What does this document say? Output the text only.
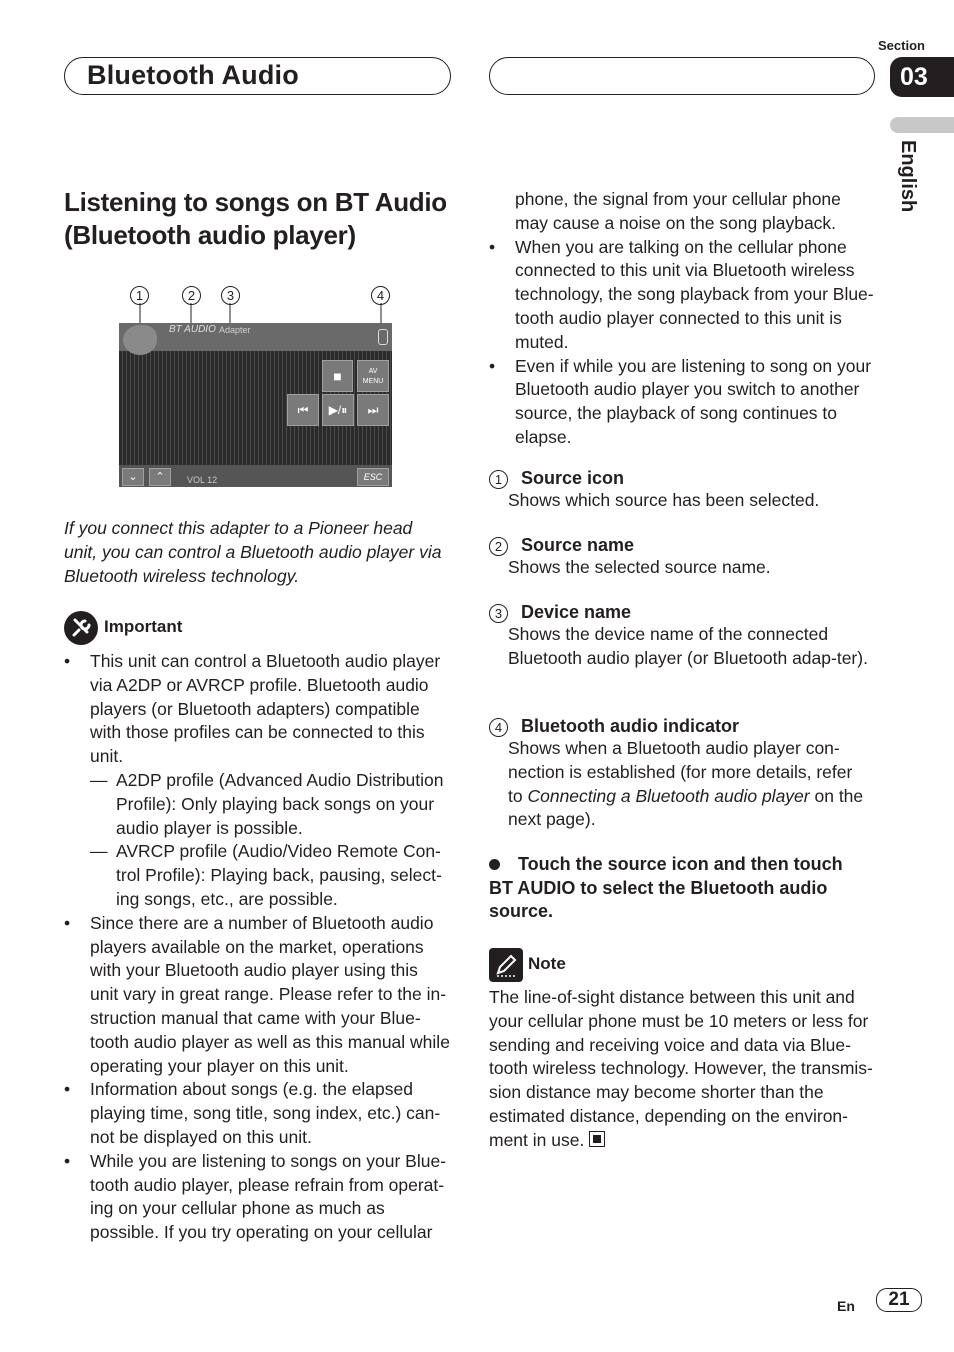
Bluetooth Audio
Section
03
English
Listening to songs on BT Audio (Bluetooth audio player)
1	2	3	4
BT AUDIO Adapter
■	AV MENU
⏮	▶/⏸	⏭
⌄	⌃	VOL 12	ESC
If you connect this adapter to a Pioneer head unit, you can control a Bluetooth audio player via Bluetooth wireless technology.
Important
• This unit can control a Bluetooth audio player via A2DP or AVRCP profile. Bluetooth audio players (or Bluetooth adapters) compatible with those profiles can be connected to this unit.
— A2DP profile (Advanced Audio Distribution Profile): Only playing back songs on your audio player is possible.
— AVRCP profile (Audio/Video Remote Con-trol Profile): Playing back, pausing, select-ing songs, etc., are possible.
• Since there are a number of Bluetooth audio players available on the market, operations with your Bluetooth audio player using this unit vary in great range. Please refer to the in-struction manual that came with your Blue-tooth audio player as well as this manual while operating your player on this unit.
• Information about songs (e.g. the elapsed playing time, song title, song index, etc.) can-not be displayed on this unit.
• While you are listening to songs on your Blue-tooth audio player, please refrain from operat-ing on your cellular phone as much as possible. If you try operating on your cellular
phone, the signal from your cellular phone may cause a noise on the song playback.
• When you are talking on the cellular phone connected to this unit via Bluetooth wireless technology, the song playback from your Blue-tooth audio player connected to this unit is muted.
• Even if while you are listening to song on your Bluetooth audio player you switch to another source, the playback of song continues to elapse.
1 Source icon
Shows which source has been selected.
2 Source name
Shows the selected source name.
3 Device name
Shows the device name of the connected Bluetooth audio player (or Bluetooth adap-ter).
4 Bluetooth audio indicator
Shows when a Bluetooth audio player con-nection is established (for more details, refer to Connecting a Bluetooth audio player on the next page).
Touch the source icon and then touch BT AUDIO to select the Bluetooth audio source.
Note
The line-of-sight distance between this unit and your cellular phone must be 10 meters or less for sending and receiving voice and data via Blue-tooth wireless technology. However, the transmis-sion distance may become shorter than the estimated distance, depending on the environ-ment in use.
En	21
